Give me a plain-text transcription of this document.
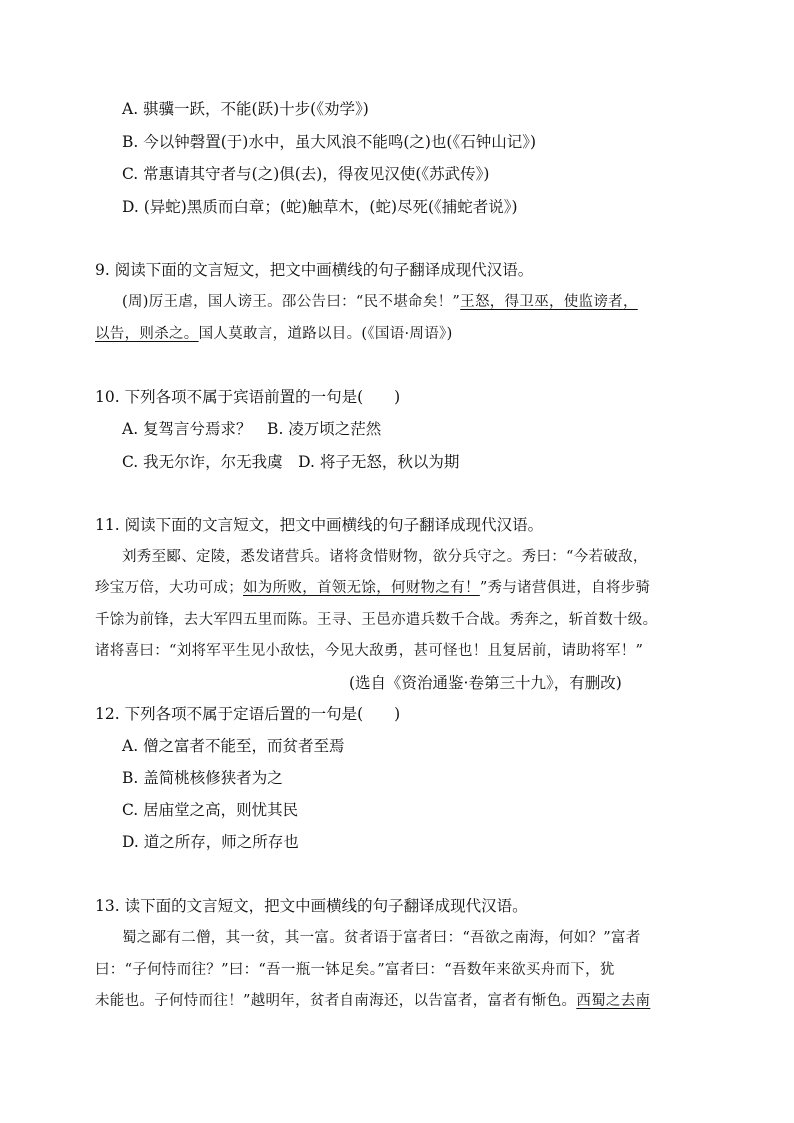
A. 骐骥一跃，不能(跃)十步(《劝学》)
B. 今以钟磬置(于)水中，虽大风浪不能鸣(之)也(《石钟山记》)
C. 常惠请其守者与(之)俱(去)，得夜见汉使(《苏武传》)
D. (异蛇)黑质而白章；(蛇)触草木，(蛇)尽死(《捕蛇者说》)
9. 阅读下面的文言短文，把文中画横线的句子翻译成现代汉语。
(周)厉王虐，国人谤王。邵公告曰：“民不堪命矣！”王怒，得卫巫，使监谤者，
以告，则杀之。国人莫敢言，道路以目。(《国语·周语》)
10. 下列各项不属于宾语前置的一句是(　　)
A. 复驾言兮焉求？　B. 凌万顷之茫然
C. 我无尔诈，尔无我虞　D. 将子无怒，秋以为期
11. 阅读下面的文言短文，把文中画横线的句子翻译成现代汉语。
刘秀至郾、定陵，悉发诸营兵。诸将贪惜财物，欲分兵守之。秀曰：“今若破敌，
珍宝万倍，大功可成；如为所败，首领无馀，何财物之有！”秀与诸营俱进，自将步骑
千馀为前锋，去大军四五里而陈。王寻、王邑亦遣兵数千合战。秀奔之，斩首数十级。
诸将喜曰：“刘将军平生见小敌怯，今见大敌勇，甚可怪也！且复居前，请助将军！”
(选自《资治通鉴·卷第三十九》，有删改)
12. 下列各项不属于定语后置的一句是(　　)
A. 僧之富者不能至，而贫者至焉
B. 盖简桃核修狭者为之
C. 居庙堂之高，则忧其民
D. 道之所存，师之所存也
13. 读下面的文言短文，把文中画横线的句子翻译成现代汉语。
蜀之鄙有二僧，其一贫，其一富。贫者语于富者曰：“吾欲之南海，何如？”富者
曰：“子何恃而往？”曰：“吾一瓶一钵足矣。”富者曰：“吾数年来欲买舟而下，犹
未能也。子何恃而往！”越明年，贫者自南海还，以告富者，富者有惭色。西蜀之去南
